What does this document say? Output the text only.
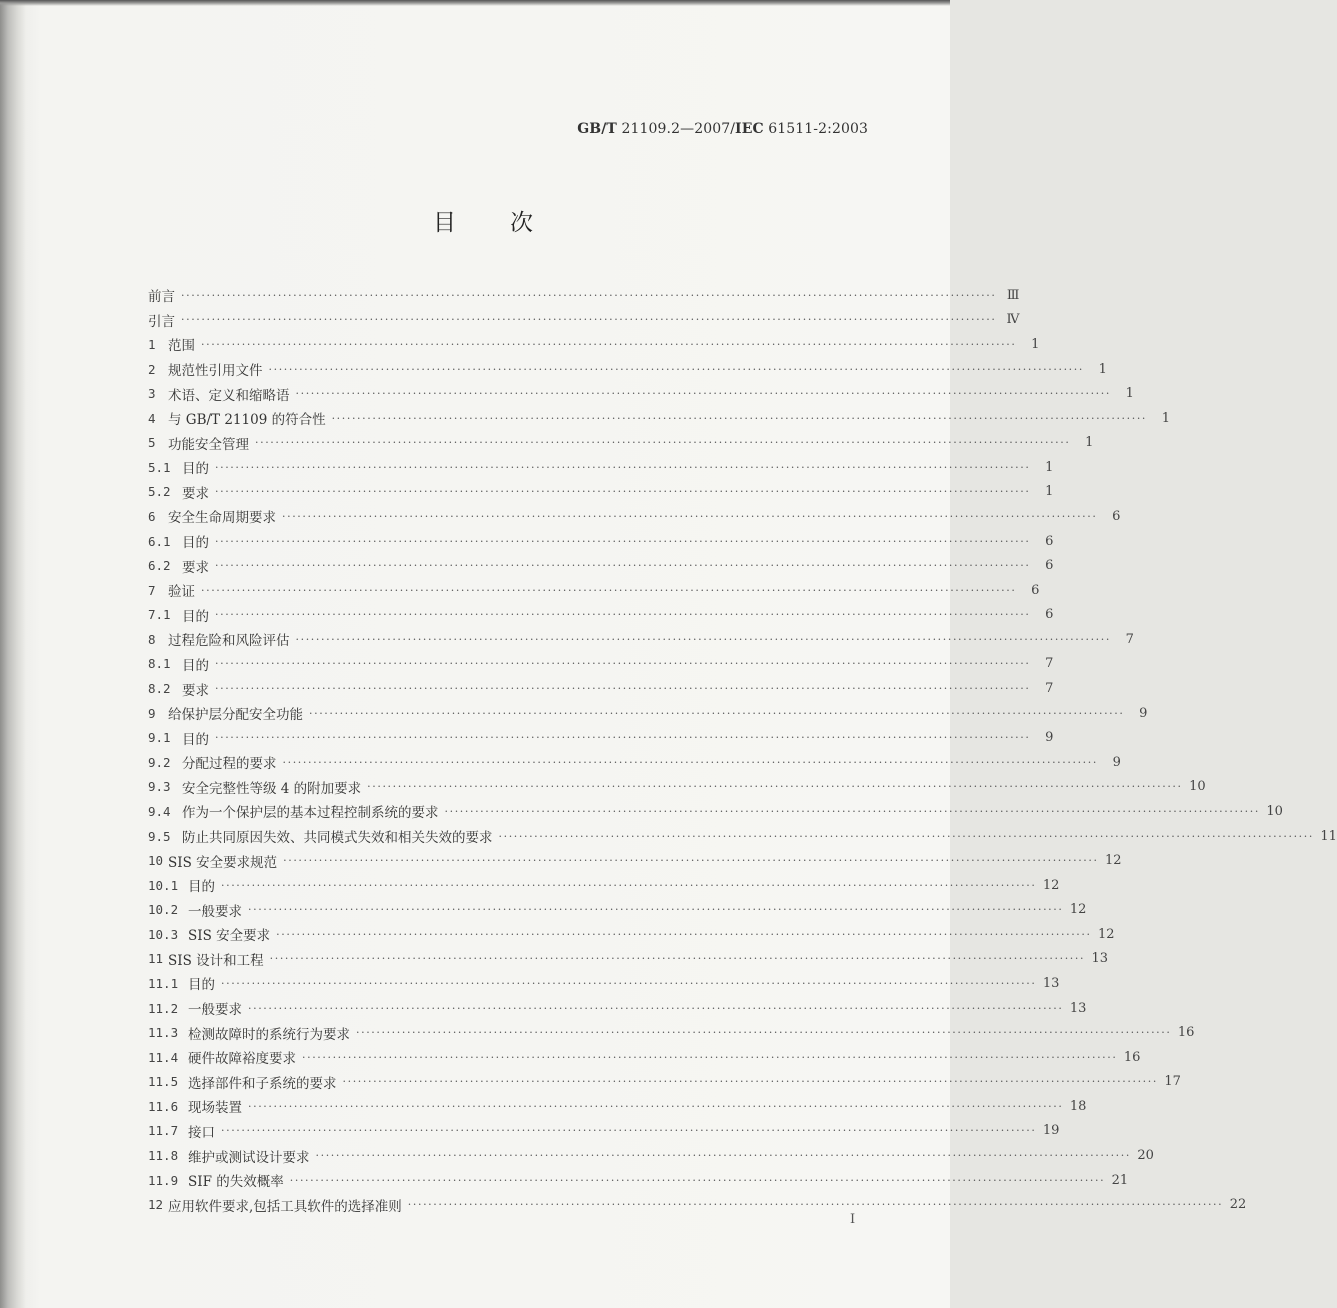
GB/T 21109.2—2007/IEC 61511-2:2003
目次
前言 ································································································································································ Ⅲ
引言 ································································································································································ Ⅳ
1 范围 ································································································································································	1
2 规范性引用文件 ································································································································································	1
3 术语、定义和缩略语 ································································································································································	1
4 与 GB/T 21109 的符合性 ································································································································································	1
5 功能安全管理 ································································································································································	1
5.1 目的 ································································································································································	1
5.2 要求 ································································································································································	1
6 安全生命周期要求 ································································································································································	6
6.1 目的 ································································································································································	6
6.2 要求 ································································································································································	6
7 验证 ································································································································································	6
7.1 目的 ································································································································································	6
8 过程危险和风险评估 ································································································································································	7
8.1 目的 ································································································································································	7
8.2 要求 ································································································································································	7
9 给保护层分配安全功能 ································································································································································	9
9.1 目的 ································································································································································	9
9.2 分配过程的要求 ································································································································································	9
9.3 安全完整性等级 4 的附加要求 ································································································································································ 10
9.4 作为一个保护层的基本过程控制系统的要求 ································································································································································ 10
9.5 防止共同原因失效、共同模式失效和相关失效的要求 ································································································································································ 11
10 SIS 安全要求规范 ································································································································································ 12
10.1 目的 ································································································································································ 12
10.2 一般要求 ································································································································································ 12
10.3 SIS 安全要求 ································································································································································ 12
11 SIS 设计和工程 ································································································································································ 13
11.1 目的 ································································································································································ 13
11.2 一般要求 ································································································································································ 13
11.3 检测故障时的系统行为要求 ································································································································································ 16
11.4 硬件故障裕度要求 ································································································································································ 16
11.5 选择部件和子系统的要求 ································································································································································ 17
11.6 现场装置 ································································································································································ 18
11.7 接口 ································································································································································ 19
11.8 维护或测试设计要求 ································································································································································ 20
11.9 SIF 的失效概率 ································································································································································ 21
12 应用软件要求,包括工具软件的选择准则 ································································································································································ 22
Ⅰ
